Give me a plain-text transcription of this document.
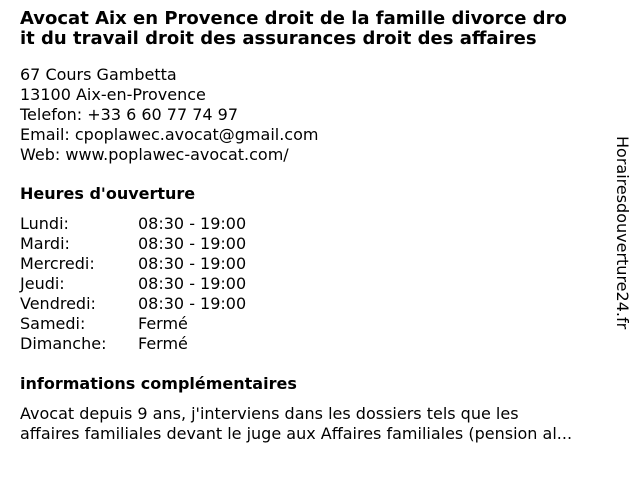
Avocat Aix en Provence droit de la famille divorce dro
it du travail droit des assurances droit des affaires
67 Cours Gambetta
13100 Aix-en-Provence
Telefon: +33 6 60 77 74 97
Email: cpoplawec.avocat@gmail.com
Web: www.poplawec-avocat.com/
Heures d'ouverture
Lundi:	08:30 - 19:00
Mardi:	08:30 - 19:00
Mercredi:	08:30 - 19:00
Jeudi:	08:30 - 19:00
Vendredi:	08:30 - 19:00
Samedi:	Fermé
Dimanche: Fermé
informations complémentaires
Avocat depuis 9 ans, j'interviens dans les dossiers tels que les
affaires familiales devant le juge aux Affaires familiales (pension al...
Horairesdouverture24.fr
